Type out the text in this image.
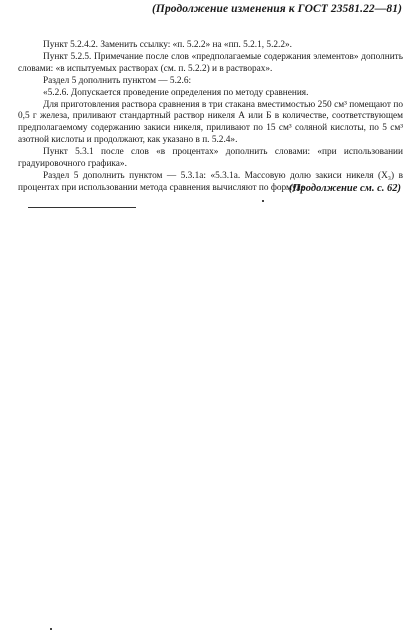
(Продолжение изменения к ГОСТ 23581.22—81)

Пункт 5.2.4.2. Заменить ссылку: «п. 5.2.2» на «пп. 5.2.1, 5.2.2».

Пункт 5.2.5. Примечание после слов «предполагаемые содержания элементов» дополнить словами: «в испытуемых растворах (см. п. 5.2.2) и в растворах».

Раздел 5 дополнить пунктом — 5.2.6:

«5.2.6. Допускается проведение определения по методу сравнения.

Для приготовления раствора сравнения в три стакана вместимостью 250 см³ помещают по 0,5 г железа, приливают стандартный раствор никеля А или Б в количестве, соответствующем предполагаемому содержанию закиси никеля, приливают по 15 см³ соляной кислоты, по 5 см³ азотной кислоты и продолжают, как указано в п. 5.2.4».

Пункт 5.3.1 после слов «в процентах» дополнить словами: «при использовании градуировочного графика».

Раздел 5 дополнить пунктом — 5.3.1а: «5.3.1а. Массовую долю закиси никеля (X₃) в процентах при использовании метода сравнения вычисляют по формуле

(Продолжение см. с. 62)
